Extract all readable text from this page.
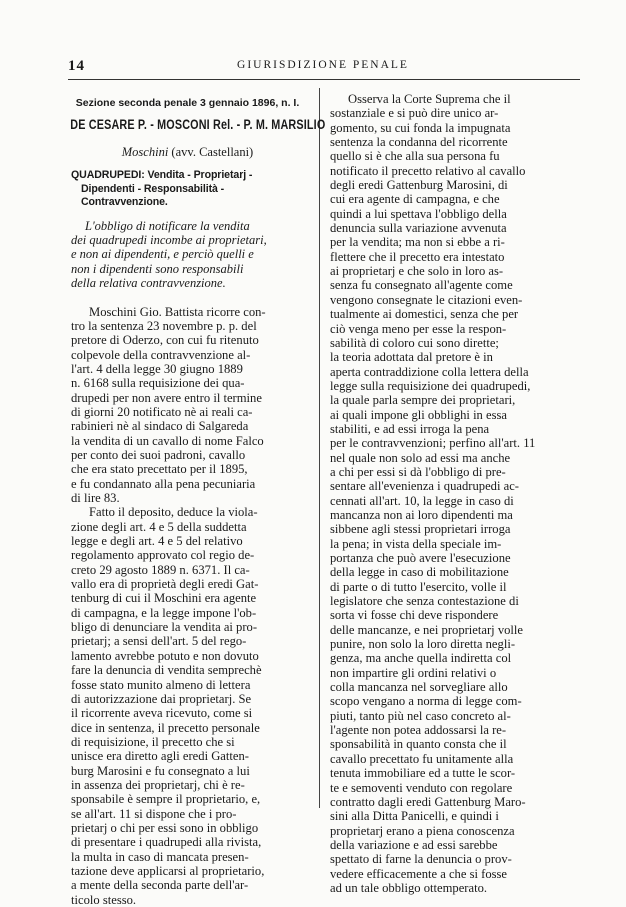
14	GIURISDIZIONE PENALE
Sezione seconda penale 3 gennaio 1896, n. I.
DE CESARE P. - MOSCONI Rel. - P. M. MARSILIO
Moschini (avv. Castellani)
QUADRUPEDI: Vendita - Proprietarj - Dipendenti - Responsabilità - Contravvenzione.
L'obbligo di notificare la vendita
dei quadrupedi incombe ai proprietari,
e non ai dipendenti, e perciò quelli e
non i dipendenti sono responsabili
della relativa contravvenzione.
Moschini Gio. Battista ricorre con-
tro la sentenza 23 novembre p. p. del
pretore di Oderzo, con cui fu ritenuto
colpevole della contravvenzione al-
l'art. 4 della legge 30 giugno 1889
n. 6168 sulla requisizione dei qua-
drupedi per non avere entro il termine
di giorni 20 notificato nè ai reali ca-
rabinieri nè al sindaco di Salgareda
la vendita di un cavallo di nome Falco
per conto dei suoi padroni, cavallo
che era stato precettato per il 1895,
e fu condannato alla pena pecuniaria
di lire 83.
Fatto il deposito, deduce la viola-
zione degli art. 4 e 5 della suddetta
legge e degli art. 4 e 5 del relativo
regolamento approvato col regio de-
creto 29 agosto 1889 n. 6371. Il ca-
vallo era di proprietà degli eredi Gat-
tenburg di cui il Moschini era agente
di campagna, e la legge impone l'ob-
bligo di denunciare la vendita ai pro-
prietarj; a sensi dell'art. 5 del rego-
lamento avrebbe potuto e non dovuto
fare la denuncia di vendita semprechè
fosse stato munito almeno di lettera
di autorizzazione dai proprietarj. Se
il ricorrente aveva ricevuto, come si
dice in sentenza, il precetto personale
di requisizione, il precetto che si
unisce era diretto agli eredi Gatten-
burg Marosini e fu consegnato a lui
in assenza dei proprietarj, chi è re-
sponsabile è sempre il proprietario, e,
se all'art. 11 si dispone che i pro-
prietarj o chi per essi sono in obbligo
di presentare i quadrupedi alla rivista,
la multa in caso di mancata presen-
tazione deve applicarsi al proprietario,
a mente della seconda parte dell'ar-
ticolo stesso.
Osserva la Corte Suprema che il
sostanziale e si può dire unico ar-
gomento, su cui fonda la impugnata
sentenza la condanna del ricorrente
quello si è che alla sua persona fu
notificato il precetto relativo al cavallo
degli eredi Gattenburg Marosini, di
cui era agente di campagna, e che
quindi a lui spettava l'obbligo della
denuncia sulla variazione avvenuta
per la vendita; ma non si ebbe a ri-
flettere che il precetto era intestato
ai proprietarj e che solo in loro as-
senza fu consegnato all'agente come
vengono consegnate le citazioni even-
tualmente ai domestici, senza che per
ciò venga meno per esse la respon-
sabilità di coloro cui sono dirette;
la teoria adottata dal pretore è in
aperta contraddizione colla lettera della
legge sulla requisizione dei quadrupedi,
la quale parla sempre dei proprietari,
ai quali impone gli obblighi in essa
stabiliti, e ad essi irroga la pena
per le contravvenzioni; perfino all'art. 11
nel quale non solo ad essi ma anche
a chi per essi si dà l'obbligo di pre-
sentare all'evenienza i quadrupedi ac-
cennati all'art. 10, la legge in caso di
mancanza non ai loro dipendenti ma
sibbene agli stessi proprietari irroga
la pena; in vista della speciale im-
portanza che può avere l'esecuzione
della legge in caso di mobilitazione
di parte o di tutto l'esercito, volle il
legislatore che senza contestazione di
sorta vi fosse chi deve rispondere
delle mancanze, e nei proprietarj volle
punire, non solo la loro diretta negli-
genza, ma anche quella indiretta col
non impartire gli ordini relativi o
colla mancanza nel sorvegliare allo
scopo vengano a norma di legge com-
piuti, tanto più nel caso concreto al-
l'agente non potea addossarsi la re-
sponsabilità in quanto consta che il
cavallo precettato fu unitamente alla
tenuta immobiliare ed a tutte le scor-
te e semoventi venduto con regolare
contratto dagli eredi Gattenburg Maro-
sini alla Ditta Panicelli, e quindi i
proprietarj erano a piena conoscenza
della variazione e ad essi sarebbe
spettato di farne la denuncia o prov-
vedere efficacemente a che si fosse
ad un tale obbligo ottemperato.
